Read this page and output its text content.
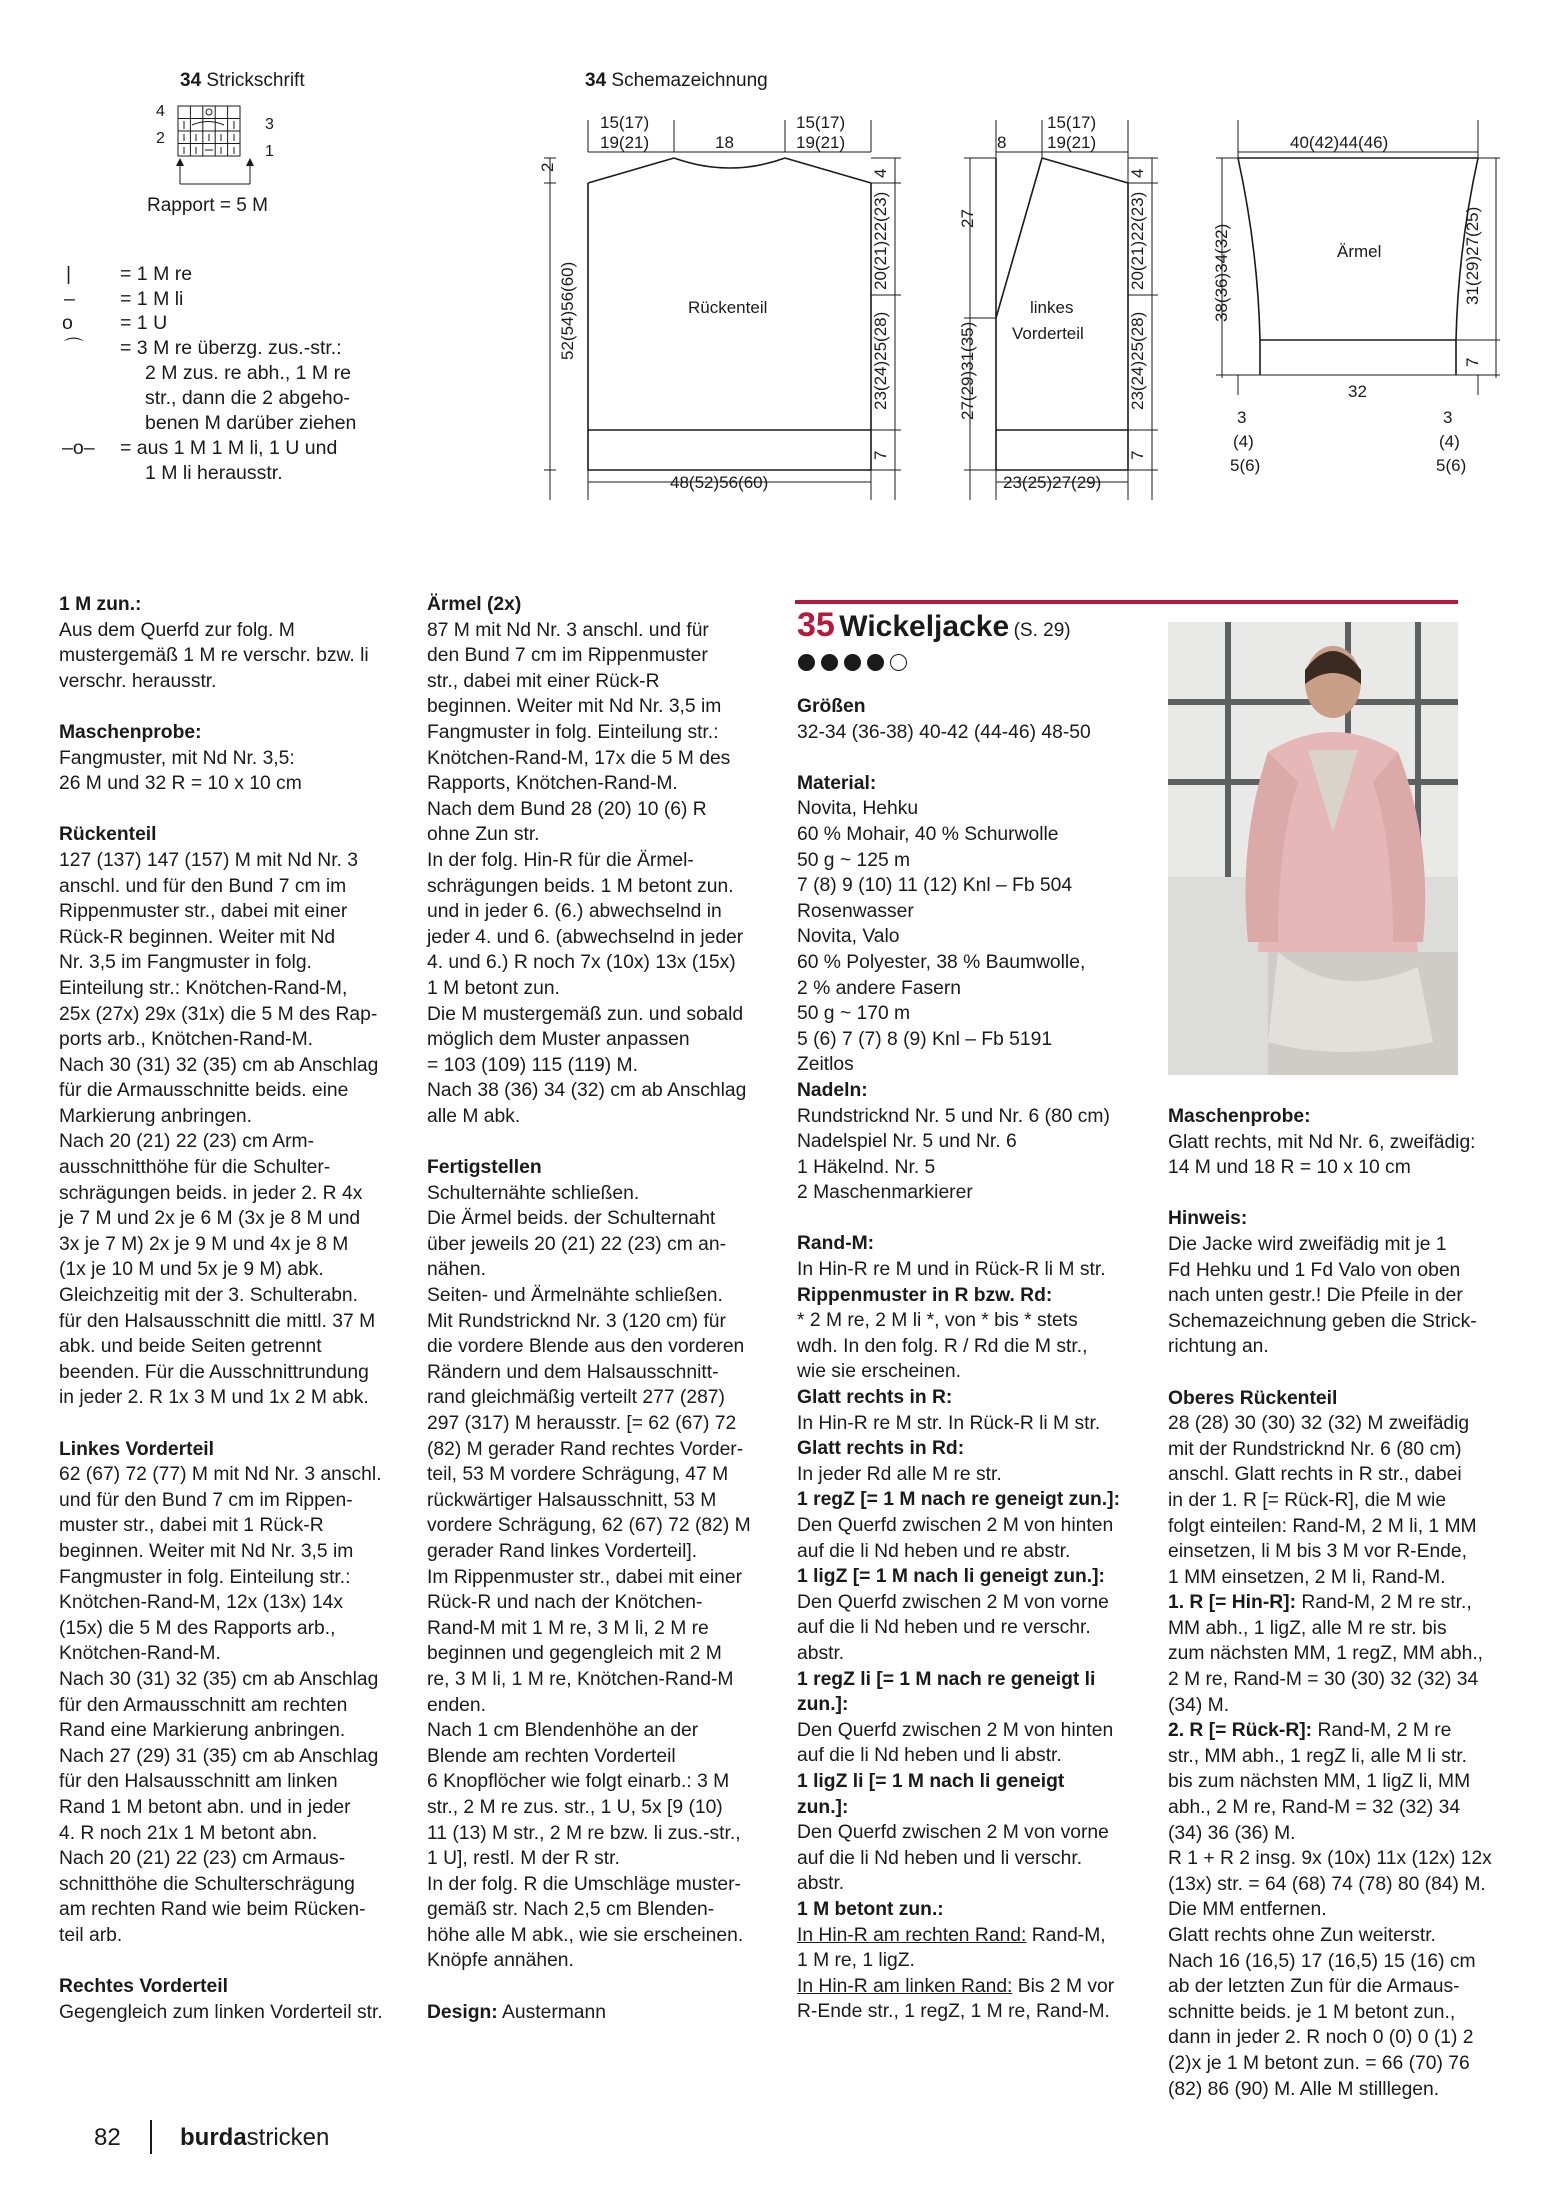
34 Strickschrift
4
2
3
1
Rapport = 5 M
|	= 1 M re
–	= 1 M li
o	= 1 U
⌒	= 3 M re überzg. zus.-str.:
2 M zus. re abh., 1 M re
str., dann die 2 abgeho-
benen M darüber ziehen
–o–	= aus 1 M 1 M li, 1 U und
1 M li herausstr.
34 Schemazeichnung
15(17)
19(21)	18
15(17)
19(21)
2
52(54)56(60)	Rückenteil
4
20(21)22(23)
23(24)25(28)
7
48(52)56(60)
8
15(17)
19(21)
27
27(29)31(35)
linkes
Vorderteil
4
20(21)22(23)
23(24)25(28)
7
23(25)27(29)
40(42)44(46)
38(36)34(32)	Ärmel	31(29)27(25)
7
32
3
(4)
5(6)
3
(4)
5(6)

1 M zun.:

Aus dem Querfd zur folg. M

mustergemäß 1 M re verschr. bzw. li

verschr. herausstr.

Maschenprobe:

Fangmuster, mit Nd Nr. 3,5:

26 M und 32 R = 10 x 10 cm

Rückenteil

127 (137) 147 (157) M mit Nd Nr. 3

anschl. und für den Bund 7 cm im

Rippenmuster str., dabei mit einer

Rück-R beginnen. Weiter mit Nd

Nr. 3,5 im Fangmuster in folg.

Einteilung str.: Knötchen-Rand-M,

25x (27x) 29x (31x) die 5 M des Rap-

ports arb., Knötchen-Rand-M.

Nach 30 (31) 32 (35) cm ab Anschlag

für die Armausschnitte beids. eine

Markierung anbringen.

Nach 20 (21) 22 (23) cm Arm-

ausschnitthöhe für die Schulter-

schrägungen beids. in jeder 2. R 4x

je 7 M und 2x je 6 M (3x je 8 M und

3x je 7 M) 2x je 9 M und 4x je 8 M

(1x je 10 M und 5x je 9 M) abk.

Gleichzeitig mit der 3. Schulterabn.

für den Halsausschnitt die mittl. 37 M

abk. und beide Seiten getrennt

beenden. Für die Ausschnittrundung

in jeder 2. R 1x 3 M und 1x 2 M abk.

Linkes Vorderteil

62 (67) 72 (77) M mit Nd Nr. 3 anschl.

und für den Bund 7 cm im Rippen-

muster str., dabei mit 1 Rück-R

beginnen. Weiter mit Nd Nr. 3,5 im

Fangmuster in folg. Einteilung str.:

Knötchen-Rand-M, 12x (13x) 14x

(15x) die 5 M des Rapports arb.,

Knötchen-Rand-M.

Nach 30 (31) 32 (35) cm ab Anschlag

für den Armausschnitt am rechten

Rand eine Markierung anbringen.

Nach 27 (29) 31 (35) cm ab Anschlag

für den Halsausschnitt am linken

Rand 1 M betont abn. und in jeder

4. R noch 21x 1 M betont abn.

Nach 20 (21) 22 (23) cm Armaus-

schnitthöhe die Schulterschrägung

am rechten Rand wie beim Rücken-

teil arb.

Rechtes Vorderteil

Gegengleich zum linken Vorderteil str.

Ärmel (2x)

87 M mit Nd Nr. 3 anschl. und für

den Bund 7 cm im Rippenmuster

str., dabei mit einer Rück-R

beginnen. Weiter mit Nd Nr. 3,5 im

Fangmuster in folg. Einteilung str.:

Knötchen-Rand-M, 17x die 5 M des

Rapports, Knötchen-Rand-M.

Nach dem Bund 28 (20) 10 (6) R

ohne Zun str.

In der folg. Hin-R für die Ärmel-

schrägungen beids. 1 M betont zun.

und in jeder 6. (6.) abwechselnd in

jeder 4. und 6. (abwechselnd in jeder

4. und 6.) R noch 7x (10x) 13x (15x)

1 M betont zun.

Die M mustergemäß zun. und sobald

möglich dem Muster anpassen

= 103 (109) 115 (119) M.

Nach 38 (36) 34 (32) cm ab Anschlag

alle M abk.

Fertigstellen

Schulternähte schließen.

Die Ärmel beids. der Schulternaht

über jeweils 20 (21) 22 (23) cm an-

nähen.

Seiten- und Ärmelnähte schließen.

Mit Rundstricknd Nr. 3 (120 cm) für

die vordere Blende aus den vorderen

Rändern und dem Halsausschnitt-

rand gleichmäßig verteilt 277 (287)

297 (317) M herausstr. [= 62 (67) 72

(82) M gerader Rand rechtes Vorder-

teil, 53 M vordere Schrägung, 47 M

rückwärtiger Halsausschnitt, 53 M

vordere Schrägung, 62 (67) 72 (82) M

gerader Rand linkes Vorderteil].

Im Rippenmuster str., dabei mit einer

Rück-R und nach der Knötchen-

Rand-M mit 1 M re, 3 M li, 2 M re

beginnen und gegengleich mit 2 M

re, 3 M li, 1 M re, Knötchen-Rand-M

enden.

Nach 1 cm Blendenhöhe an der

Blende am rechten Vorderteil

6 Knopflöcher wie folgt einarb.: 3 M

str., 2 M re zus. str., 1 U, 5x [9 (10)

11 (13) M str., 2 M re bzw. li zus.-str.,

1 U], restl. M der R str.

In der folg. R die Umschläge muster-

gemäß str. Nach 2,5 cm Blenden-

höhe alle M abk., wie sie erscheinen.

Knöpfe annähen.

Design: Austermann

35 Wickeljacke (S. 29)

Größen

32-34 (36-38) 40-42 (44-46) 48-50

Material:

Novita, Hehku

60 % Mohair, 40 % Schurwolle

50 g ~ 125 m

7 (8) 9 (10) 11 (12) Knl – Fb 504

Rosenwasser

Novita, Valo

60 % Polyester, 38 % Baumwolle,

2 % andere Fasern

50 g ~ 170 m

5 (6) 7 (7) 8 (9) Knl – Fb 5191

Zeitlos

Nadeln:

Rundstricknd Nr. 5 und Nr. 6 (80 cm)

Nadelspiel Nr. 5 und Nr. 6

1 Häkelnd. Nr. 5

2 Maschenmarkierer

Rand-M:

In Hin-R re M und in Rück-R li M str.

Rippenmuster in R bzw. Rd:

* 2 M re, 2 M li *, von * bis * stets

wdh. In den folg. R / Rd die M str.,

wie sie erscheinen.

Glatt rechts in R:

In Hin-R re M str. In Rück-R li M str.

Glatt rechts in Rd:

In jeder Rd alle M re str.

1 regZ [= 1 M nach re geneigt zun.]:

Den Querfd zwischen 2 M von hinten

auf die li Nd heben und re abstr.

1 ligZ [= 1 M nach li geneigt zun.]:

Den Querfd zwischen 2 M von vorne

auf die li Nd heben und re verschr.

abstr.

1 regZ li [= 1 M nach re geneigt li

zun.]:

Den Querfd zwischen 2 M von hinten

auf die li Nd heben und li abstr.

1 ligZ li [= 1 M nach li geneigt

zun.]:

Den Querfd zwischen 2 M von vorne

auf die li Nd heben und li verschr.

abstr.

1 M betont zun.:

In Hin-R am rechten Rand: Rand-M,

1 M re, 1 ligZ.

In Hin-R am linken Rand: Bis 2 M vor

R-Ende str., 1 regZ, 1 M re, Rand-M.

Maschenprobe:

Glatt rechts, mit Nd Nr. 6, zweifädig:

14 M und 18 R = 10 x 10 cm

Hinweis:

Die Jacke wird zweifädig mit je 1

Fd Hehku und 1 Fd Valo von oben

nach unten gestr.! Die Pfeile in der

Schemazeichnung geben die Strick-

richtung an.

Oberes Rückenteil

28 (28) 30 (30) 32 (32) M zweifädig

mit der Rundstricknd Nr. 6 (80 cm)

anschl. Glatt rechts in R str., dabei

in der 1. R [= Rück-R], die M wie

folgt einteilen: Rand-M, 2 M li, 1 MM

einsetzen, li M bis 3 M vor R-Ende,

1 MM einsetzen, 2 M li, Rand-M.

1. R [= Hin-R]: Rand-M, 2 M re str.,

MM abh., 1 ligZ, alle M re str. bis

zum nächsten MM, 1 regZ, MM abh.,

2 M re, Rand-M = 30 (30) 32 (32) 34

(34) M.

2. R [= Rück-R]: Rand-M, 2 M re

str., MM abh., 1 regZ li, alle M li str.

bis zum nächsten MM, 1 ligZ li, MM

abh., 2 M re, Rand-M = 32 (32) 34

(34) 36 (36) M.

R 1 + R 2 insg. 9x (10x) 11x (12x) 12x

(13x) str. = 64 (68) 74 (78) 80 (84) M.

Die MM entfernen.

Glatt rechts ohne Zun weiterstr.

Nach 16 (16,5) 17 (16,5) 15 (16) cm

ab der letzten Zun für die Armaus-

schnitte beids. je 1 M betont zun.,

dann in jeder 2. R noch 0 (0) 0 (1) 2

(2)x je 1 M betont zun. = 66 (70) 76

(82) 86 (90) M. Alle M stilllegen.

82 burdastricken
